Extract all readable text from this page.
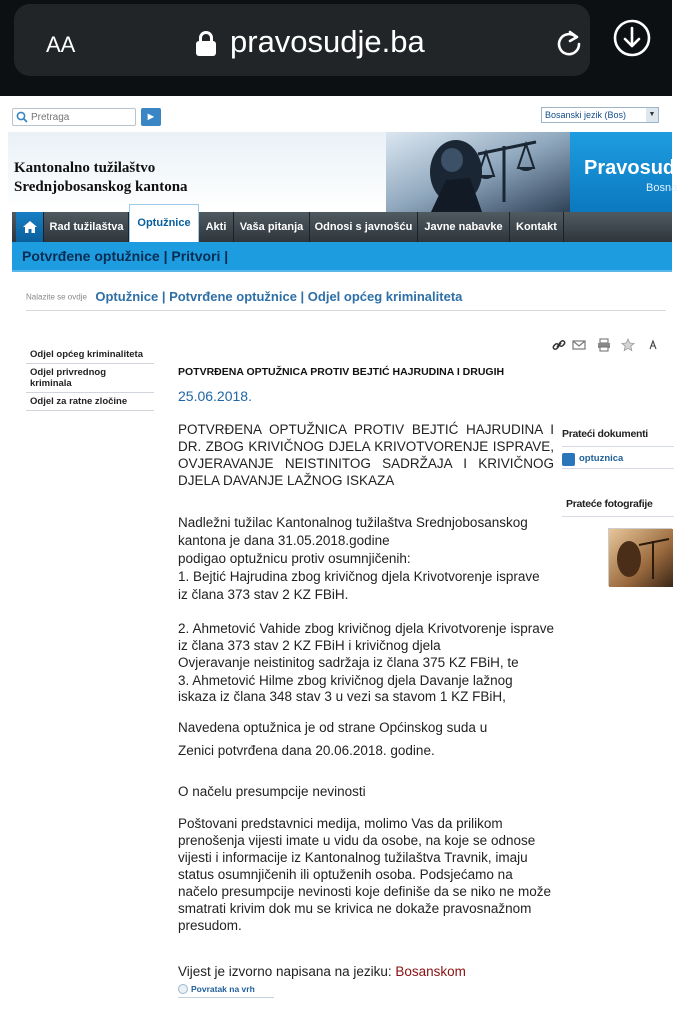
AA	pravosudje.ba
Pretraga
►	Bosanski jezik (Bos)	▼
Kantonalno tužilaštvo
Srednjobosanskog kantona
Pravosud
Bosna
Rad tužilaštva	Optužnice	Akti	Vaša pitanja	Odnosi s javnošću	Javne nabavke	Kontakt
Potvrđene optužnice | Pritvori |
Nalazite se ovdje Optužnice | Potvrđene optužnice | Odjel općeg kriminaliteta
Odjel općeg kriminaliteta
Odjel privrednog kriminala
Odjel za ratne zločine
POTVRĐENA OPTUŽNICA PROTIV BEJTIĆ HAJRUDINA I DRUGIH
25.06.2018.
POTVRĐENA OPTUŽNICA PROTIV BEJTIĆ HAJRUDINA I DR. ZBOG KRIVIČNOG DJELA KRIVOTVORENJE ISPRAVE, OVJERAVANJE NEISTINITOG SADRŽAJA I KRIVIČNOG DJELA DAVANJE LAŽNOG ISKAZA
Nadležni tužilac Kantonalnog tužilaštva Srednjobosanskog
kantona je dana 31.05.2018.godine
podigao optužnicu protiv osumnjičenih:
1. Bejtić Hajrudina zbog krivičnog djela Krivotvorenje isprave
iz člana 373 stav 2 KZ FBiH.
2. Ahmetović Vahide zbog krivičnog djela Krivotvorenje isprave iz člana 373 stav 2 KZ FBiH i krivičnog djela
Ovjeravanje neistinitog sadržaja iz člana 375 KZ FBiH, te
3. Ahmetović Hilme zbog krivičnog djela Davanje lažnog
iskaza iz člana 348 stav 3 u vezi sa stavom 1 KZ FBiH,
Navedena optužnica je od strane Općinskog suda u
Zenici potvrđena dana 20.06.2018. godine.
O načelu presumpcije nevinosti
Poštovani predstavnici medija, molimo Vas da prilikom prenošenja vijesti imate u vidu da osobe, na koje se odnose vijesti i informacije iz Kantonalnog tužilaštva Travnik, imaju status osumnjičenih ili optuženih osoba. Podsjećamo na načelo presumpcije nevinosti koje definiše da se niko ne može smatrati krivim dok mu se krivica ne dokaže pravosnažnom presudom.
Vijest je izvorno napisana na jeziku: Bosanskom
Povratak na vrh
Prateći dokumenti
optuznica
Prateće fotografije
